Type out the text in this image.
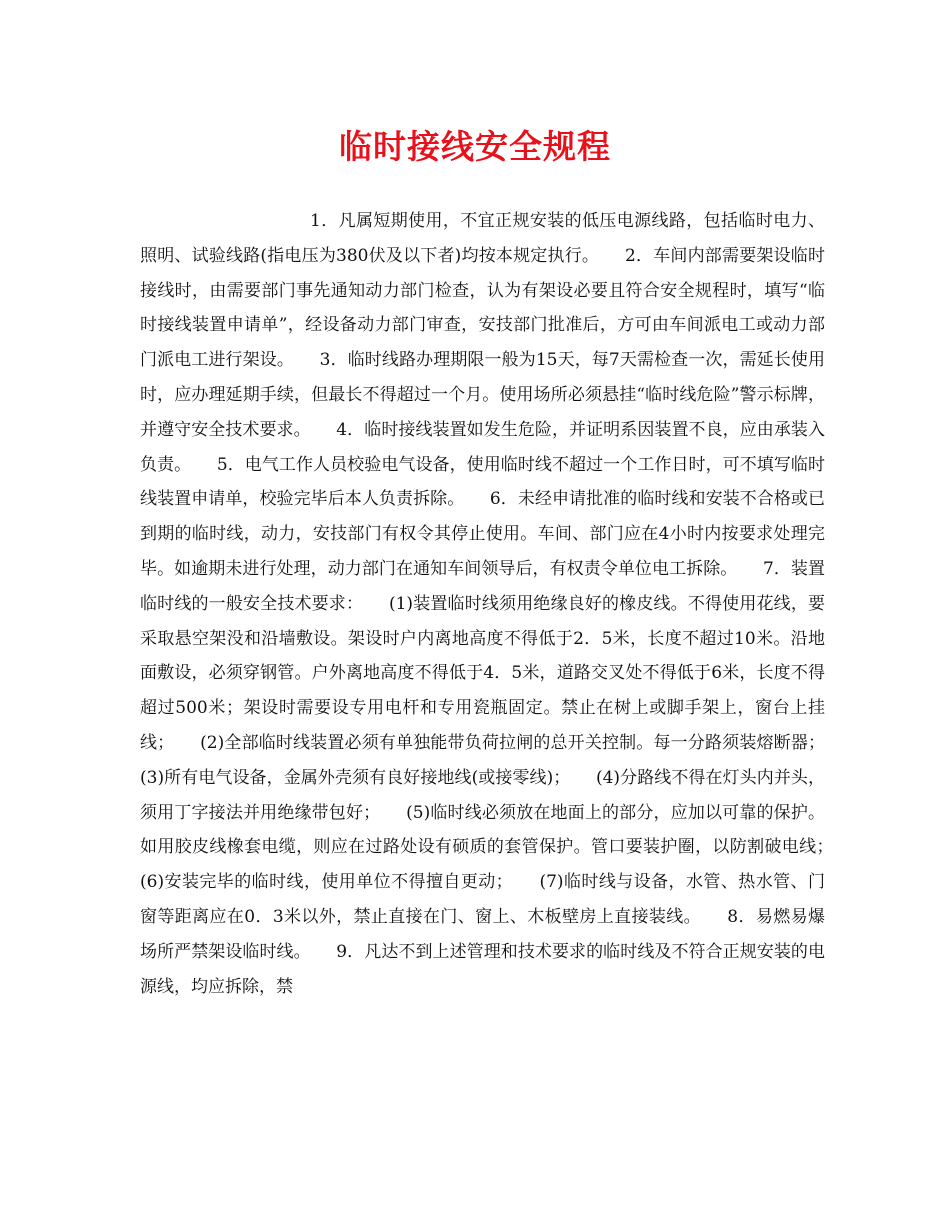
临时接线安全规程

1．凡属短期使用，不宜正规安装的低压电源线路，包括临时电力、照明、试验线路(指电压为380伏及以下者)均按本规定执行。　　2．车间内部需要架设临时接线时，由需要部门事先通知动力部门检查，认为有架设必要且符合安全规程时，填写“临时接线装置申请单”，经设备动力部门审查，安技部门批准后，方可由车间派电工或动力部门派电工进行架设。　　3．临时线路办理期限一般为15天，每7天需检查一次，需延长使用时，应办理延期手续，但最长不得超过一个月。使用场所必须悬挂“临时线危险”警示标牌，并遵守安全技术要求。　　4．临时接线装置如发生危险，并证明系因装置不良，应由承装入负责。　　5．电气工作人员校验电气设备，使用临时线不超过一个工作日时，可不填写临时线装置申请单，校验完毕后本人负责拆除。　　6．未经申请批准的临时线和安装不合格或已到期的临时线，动力，安技部门有权令其停止使用。车间、部门应在4小时内按要求处理完毕。如逾期未进行处理，动力部门在通知车间领导后，有权责令单位电工拆除。　　7．装置临时线的一般安全技术要求：　　(1)装置临时线须用绝缘良好的橡皮线。不得使用花线，要采取悬空架没和沿墙敷设。架设时户内离地高度不得低于2．5米，长度不超过10米。沿地面敷设，必须穿钢管。户外离地高度不得低于4．5米，道路交叉处不得低于6米，长度不得超过500米；架设时需要设专用电杆和专用瓷瓶固定。禁止在树上或脚手架上，窗台上挂线；　　(2)全部临时线装置必须有单独能带负荷拉闸的总开关控制。每一分路须装熔断器；(3)所有电气设备，金属外壳须有良好接地线(或接零线)；　　(4)分路线不得在灯头内并头，须用丁字接法并用绝缘带包好；　　(5)临时线必须放在地面上的部分，应加以可靠的保护。如用胶皮线橡套电缆，则应在过路处设有硕质的套管保护。管口要装护圈，以防割破电线；　　(6)安装完毕的临时线，使用单位不得擅自更动；　　(7)临时线与设备，水管、热水管、门窗等距离应在0．3米以外，禁止直接在门、窗上、木板壁房上直接装线。　　8．易燃易爆场所严禁架设临时线。　　9．凡达不到上述管理和技术要求的临时线及不符合正规安装的电源线，均应拆除，禁
